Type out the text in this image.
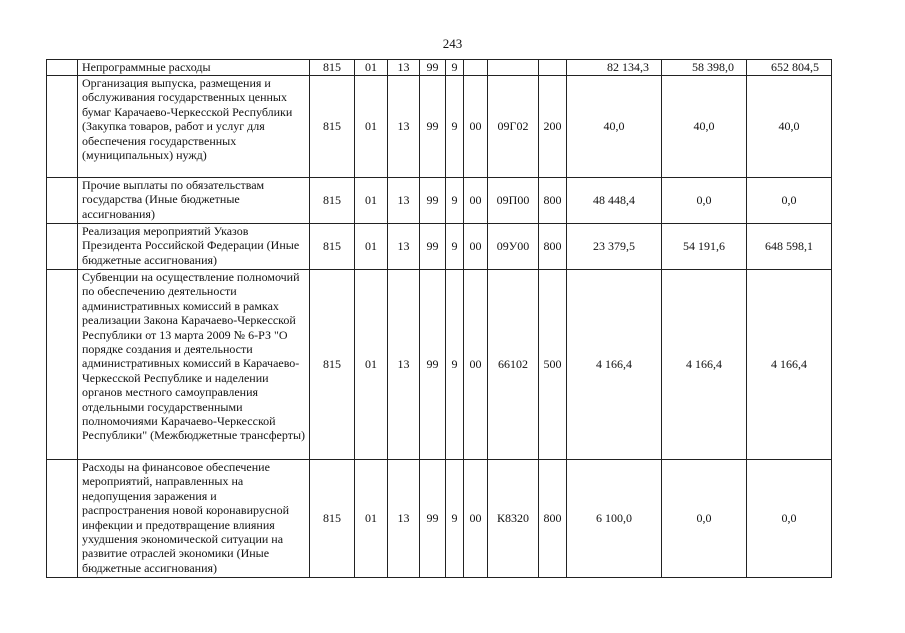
243
	Непрограммные расходы	815	01	13	99	9				82 134,3	58 398,0	652 804,5
	Организация выпуска, размещения и обслуживания государственных ценных бумаг Карачаево-Черкесской Республики (Закупка товаров, работ и услуг для обеспечения государственных (муниципальных) нужд)	815	01	13	99	9	00	09Г02	200	40,0	40,0	40,0
	Прочие выплаты по обязательствам государства (Иные бюджетные ассигнования)	815	01	13	99	9	00	09П00	800	48 448,4	0,0	0,0
	Реализация мероприятий Указов Президента Российской Федерации (Иные бюджетные ассигнования)	815	01	13	99	9	00	09У00	800	23 379,5	54 191,6	648 598,1
	Субвенции на осуществление полномочий по обеспечению деятельности административных комиссий в рамках реализации Закона Карачаево-Черкесской Республики от 13 марта 2009 № 6-РЗ "О порядке создания и деятельности административных комиссий в Карачаево-Черкесской Республике и наделении органов местного самоуправления отдельными государственными полномочиями Карачаево-Черкесской Республики" (Межбюджетные трансферты)	815	01	13	99	9	00	66102	500	4 166,4	4 166,4	4 166,4
	Расходы на финансовое обеспечение мероприятий, направленных на недопущения заражения и распространения новой коронавирусной инфекции и предотвращение влияния ухудшения экономической ситуации на развитие отраслей экономики (Иные бюджетные ассигнования)	815	01	13	99	9	00	К8320	800	6 100,0	0,0	0,0
